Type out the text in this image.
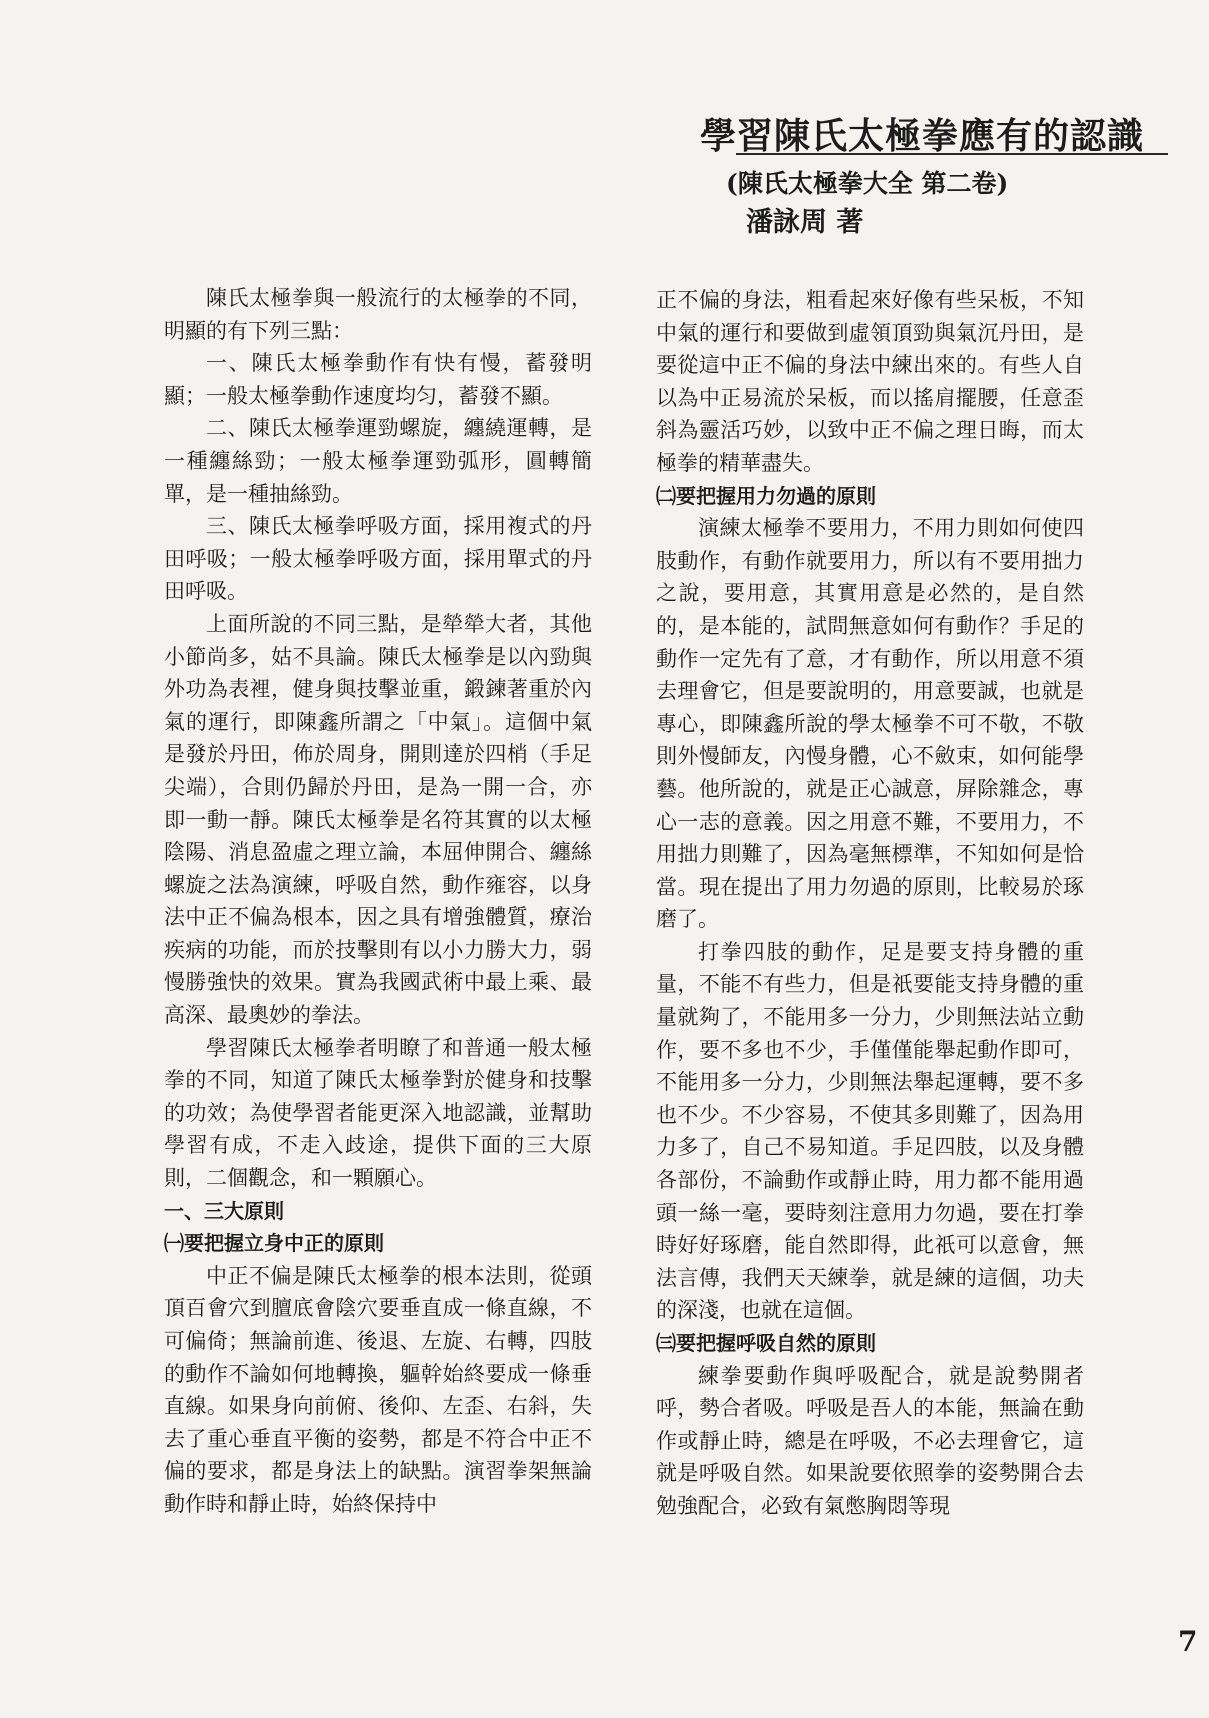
學習陳氏太極拳應有的認識
(陳氏太極拳大全 第二卷)
潘詠周 著

陳氏太極拳與一般流行的太極拳的不同，明顯的有下列三點：

一、陳氏太極拳動作有快有慢，蓄發明顯；一般太極拳動作速度均匀，蓄發不顯。

二、陳氏太極拳運勁螺旋，纏繞運轉，是一種纏絲勁；一般太極拳運勁弧形，圓轉簡單，是一種抽絲勁。

三、陳氏太極拳呼吸方面，採用複式的丹田呼吸；一般太極拳呼吸方面，採用單式的丹田呼吸。

上面所說的不同三點，是犖犖大者，其他小節尚多，姑不具論。陳氏太極拳是以內勁與外功為表裡，健身與技擊並重，鍛鍊著重於內氣的運行，即陳鑫所謂之「中氣」。這個中氣是發於丹田，佈於周身，開則達於四梢（手足尖端），合則仍歸於丹田，是為一開一合，亦即一動一靜。陳氏太極拳是名符其實的以太極陰陽、消息盈虛之理立論，本屈伸開合、纏絲螺旋之法為演練，呼吸自然，動作雍容，以身法中正不偏為根本，因之具有增強體質，療治疾病的功能，而於技擊則有以小力勝大力，弱慢勝強快的效果。實為我國武術中最上乘、最高深、最奧妙的拳法。

學習陳氏太極拳者明瞭了和普通一般太極拳的不同，知道了陳氏太極拳對於健身和技擊的功效；為使學習者能更深入地認識，並幫助學習有成，不走入歧途，提供下面的三大原則，二個觀念，和一顆願心。

一、三大原則

㈠要把握立身中正的原則

中正不偏是陳氏太極拳的根本法則，從頭頂百會穴到膻底會陰穴要垂直成一條直線，不可偏倚；無論前進、後退、左旋、右轉，四肢的動作不論如何地轉換，軀幹始終要成一條垂直線。如果身向前俯、後仰、左歪、右斜，失去了重心垂直平衡的姿勢，都是不符合中正不偏的要求，都是身法上的缺點。演習拳架無論動作時和靜止時，始終保持中

正不偏的身法，粗看起來好像有些呆板，不知中氣的運行和要做到虛領頂勁與氣沉丹田，是要從這中正不偏的身法中練出來的。有些人自以為中正易流於呆板，而以搖肩擺腰，任意歪斜為靈活巧妙，以致中正不偏之理日晦，而太極拳的精華盡失。

㈡要把握用力勿過的原則

演練太極拳不要用力，不用力則如何使四肢動作，有動作就要用力，所以有不要用拙力之說，要用意，其實用意是必然的，是自然的，是本能的，試問無意如何有動作？手足的動作一定先有了意，才有動作，所以用意不須去理會它，但是要說明的，用意要誠，也就是專心，即陳鑫所說的學太極拳不可不敬，不敬則外慢師友，內慢身體，心不斂束，如何能學藝。他所說的，就是正心誠意，屏除雜念，專心一志的意義。因之用意不難，不要用力，不用拙力則難了，因為毫無標準，不知如何是恰當。現在提出了用力勿過的原則，比較易於琢磨了。

打拳四肢的動作，足是要支持身體的重量，不能不有些力，但是祇要能支持身體的重量就夠了，不能用多一分力，少則無法站立動作，要不多也不少，手僅僅能舉起動作即可，不能用多一分力，少則無法舉起運轉，要不多也不少。不少容易，不使其多則難了，因為用力多了，自己不易知道。手足四肢，以及身體各部份，不論動作或靜止時，用力都不能用過頭一絲一毫，要時刻注意用力勿過，要在打拳時好好琢磨，能自然即得，此祇可以意會，無法言傳，我們天天練拳，就是練的這個，功夫的深淺，也就在這個。

㈢要把握呼吸自然的原則

練拳要動作與呼吸配合，就是說勢開者呼，勢合者吸。呼吸是吾人的本能，無論在動作或靜止時，總是在呼吸，不必去理會它，這就是呼吸自然。如果說要依照拳的姿勢開合去勉強配合，必致有氣憋胸悶等現

7
